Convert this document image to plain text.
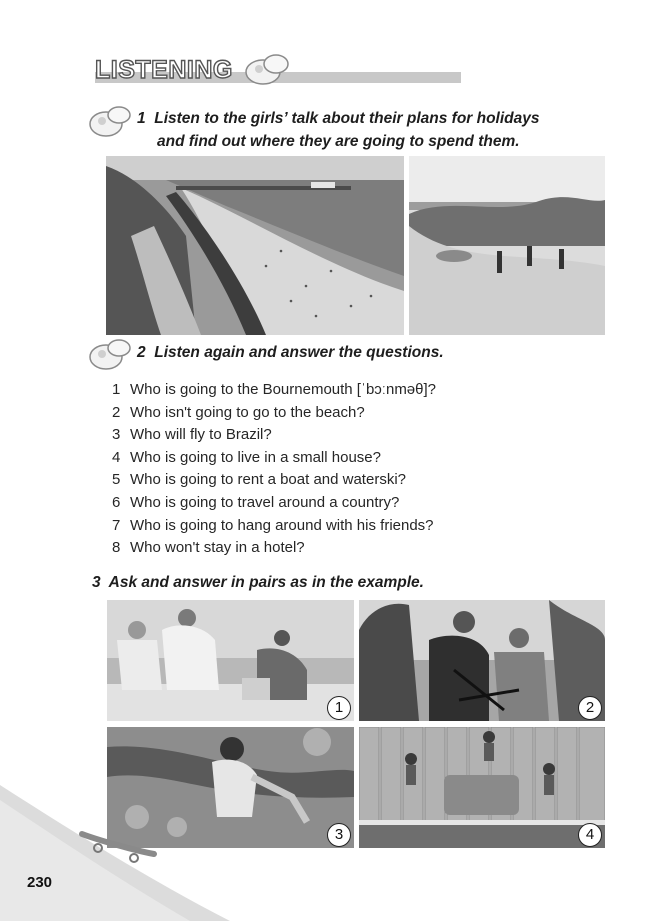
LISTENING

1 Listen to the girls’ talk about their plans for holidays

and find out where they are going to spend them.

2 Listen again and answer the questions.

1 Who is going to the Bournemouth [ˈbɔːnməθ]?
2 Who isn't going to go to the beach?
3 Who will fly to Brazil?
4 Who is going to live in a small house?
5 Who is going to rent a boat and waterski?
6 Who is going to travel around a country?
7 Who is going to hang around with his friends?
8 Who won't stay in a hotel?

3 Ask and answer in pairs as in the example.

1	2
3	4
230
